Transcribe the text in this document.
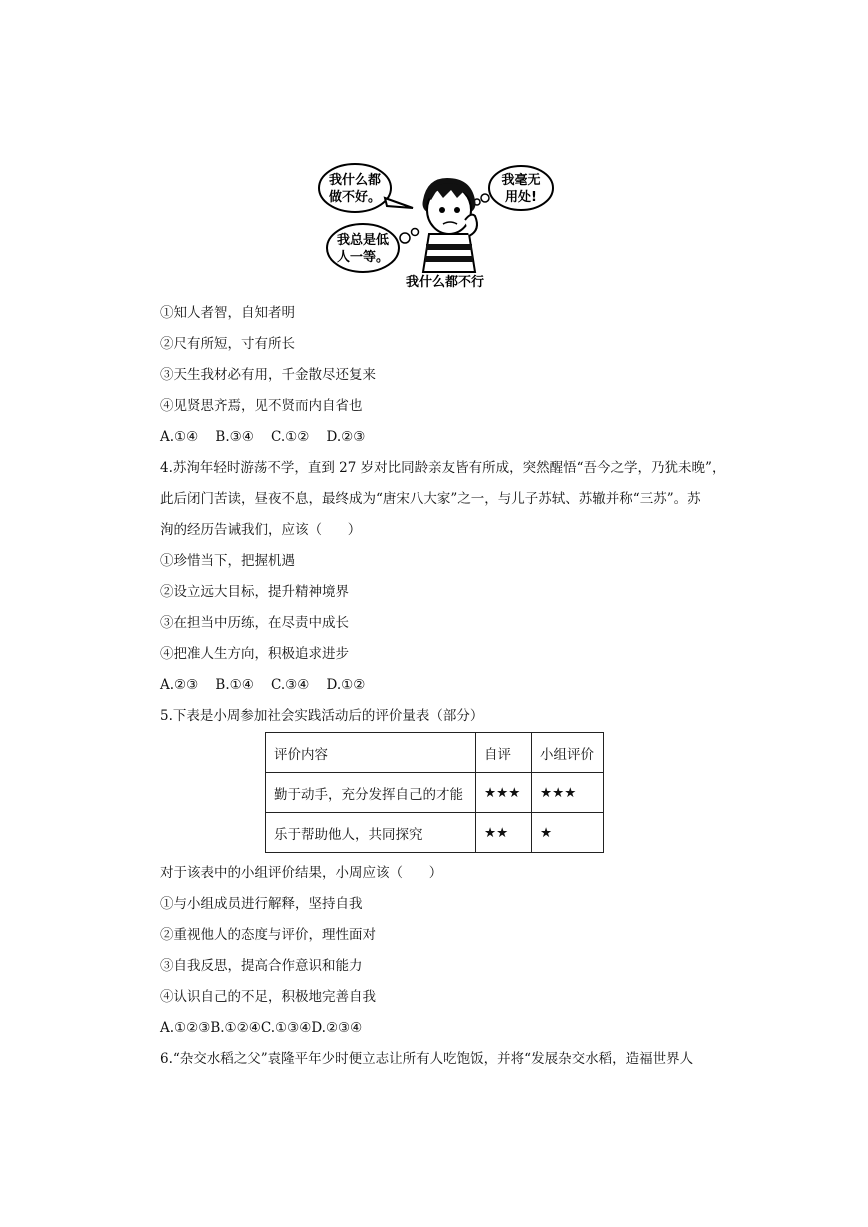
我什么都
做不好。
我毫无
用处!
我总是低
人一等。
我什么都不行
①知人者智，自知者明
②尺有所短，寸有所长
③天生我材必有用，千金散尽还复来
④见贤思齐焉，见不贤而内自省也
A.①④    B.③④    C.①②    D.②③
4.苏洵年轻时游荡不学，直到 27 岁对比同龄亲友皆有所成，突然醒悟“吾今之学，乃犹未晚”，
此后闭门苦读，昼夜不息，最终成为“唐宋八大家”之一，与儿子苏轼、苏辙并称“三苏”。苏
洵的经历告诫我们，应该（      ）
①珍惜当下，把握机遇
②设立远大目标，提升精神境界
③在担当中历练，在尽责中成长
④把准人生方向，积极追求进步
A.②③    B.①④    C.③④    D.①②
5.下表是小周参加社会实践活动后的评价量表（部分）
评价内容	自评	小组评价
勤于动手，充分发挥自己的才能	★★★	★★★
乐于帮助他人，共同探究	★★	★
对于该表中的小组评价结果，小周应该（      ）
①与小组成员进行解释，坚持自我
②重视他人的态度与评价，理性面对
③自我反思，提高合作意识和能力
④认识自己的不足，积极地完善自我
A.①②③B.①②④C.①③④D.②③④
6.“杂交水稻之父”袁隆平年少时便立志让所有人吃饱饭，并将“发展杂交水稻，造福世界人
